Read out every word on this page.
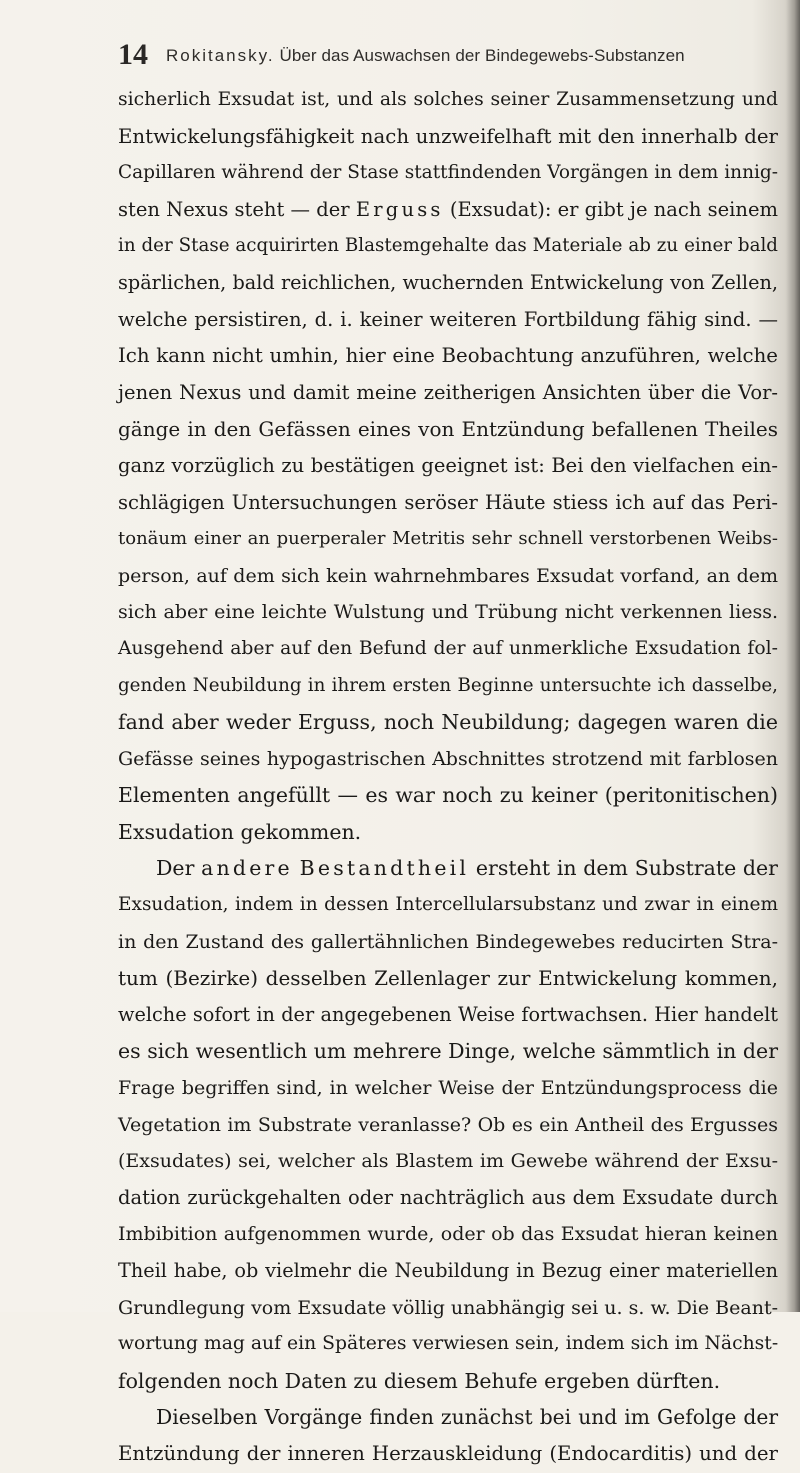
14 Rokitansky. Über das Auswachsen der Bindegewebs-Substanzen
sicherlich Exsudat ist, und als solches seiner Zusammensetzung und
Entwickelungsfähigkeit nach unzweifelhaft mit den innerhalb der
Capillaren während der Stase stattfindenden Vorgängen in dem innig-
sten Nexus steht — der Erguss (Exsudat): er gibt je nach seinem
in der Stase acquirirten Blastemgehalte das Materiale ab zu einer bald
spärlichen, bald reichlichen, wuchernden Entwickelung von Zellen,
welche persistiren, d. i. keiner weiteren Fortbildung fähig sind. —
Ich kann nicht umhin, hier eine Beobachtung anzuführen, welche
jenen Nexus und damit meine zeitherigen Ansichten über die Vor-
gänge in den Gefässen eines von Entzündung befallenen Theiles
ganz vorzüglich zu bestätigen geeignet ist: Bei den vielfachen ein-
schlägigen Untersuchungen seröser Häute stiess ich auf das Peri-
tonäum einer an puerperaler Metritis sehr schnell verstorbenen Weibs-
person, auf dem sich kein wahrnehmbares Exsudat vorfand, an dem
sich aber eine leichte Wulstung und Trübung nicht verkennen liess.
Ausgehend aber auf den Befund der auf unmerkliche Exsudation fol-
genden Neubildung in ihrem ersten Beginne untersuchte ich dasselbe,
fand aber weder Erguss, noch Neubildung; dagegen waren die
Gefässe seines hypogastrischen Abschnittes strotzend mit farblosen
Elementen angefüllt — es war noch zu keiner (peritonitischen)
Exsudation gekommen.
Der andere Bestandtheil ersteht in dem Substrate der
Exsudation, indem in dessen Intercellularsubstanz und zwar in einem
in den Zustand des gallertähnlichen Bindegewebes reducirten Stra-
tum (Bezirke) desselben Zellenlager zur Entwickelung kommen,
welche sofort in der angegebenen Weise fortwachsen. Hier handelt
es sich wesentlich um mehrere Dinge, welche sämmtlich in der
Frage begriffen sind, in welcher Weise der Entzündungsprocess die
Vegetation im Substrate veranlasse? Ob es ein Antheil des Ergusses
(Exsudates) sei, welcher als Blastem im Gewebe während der Exsu-
dation zurückgehalten oder nachträglich aus dem Exsudate durch
Imbibition aufgenommen wurde, oder ob das Exsudat hieran keinen
Theil habe, ob vielmehr die Neubildung in Bezug einer materiellen
Grundlegung vom Exsudate völlig unabhängig sei u. s. w. Die Beant-
wortung mag auf ein Späteres verwiesen sein, indem sich im Nächst-
folgenden noch Daten zu diesem Behufe ergeben dürften.
Dieselben Vorgänge finden zunächst bei und im Gefolge der
Entzündung der inneren Herzauskleidung (Endocarditis) und der
